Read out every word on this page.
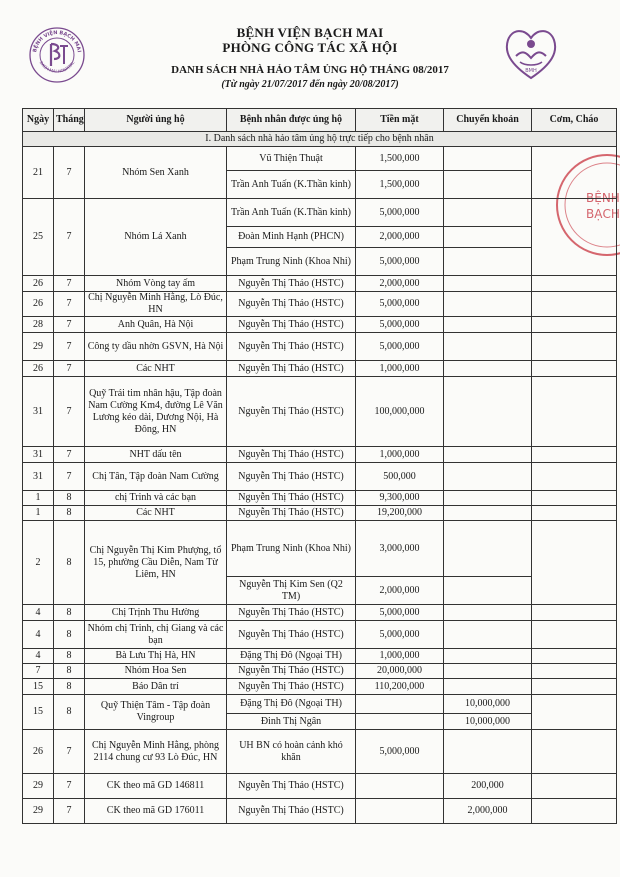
BỆNH VIỆN BẠCH MAI
BACH MAI HOSPITAL
BMH
BỆNH
BẠCH
BỆNH VIỆN BẠCH MAI
PHÒNG CÔNG TÁC XÃ HỘI
DANH SÁCH NHÀ HẢO TÂM ỦNG HỘ THÁNG 08/2017
(Từ ngày 21/07/2017 đến ngày 20/08/2017)
Ngày	Tháng	Người ủng hộ	Bệnh nhân được ủng hộ	Tiền mặt	Chuyển khoản	Cơm, Cháo
I. Danh sách nhà hảo tâm ủng hộ trực tiếp cho bệnh nhân						
21	7	Nhóm Sen Xanh	Vũ Thiện Thuật	1,500,000		
			Trần Anh Tuấn (K.Thần kinh)	1,500,000		
25	7	Nhóm Lá Xanh	Trần Anh Tuấn (K.Thần kinh)	5,000,000		
			Đoàn Minh Hạnh (PHCN)	2,000,000		
			Phạm Trung Ninh (Khoa Nhi)	5,000,000		
26	7	Nhóm Vòng tay ấm	Nguyễn Thị Thảo (HSTC)	2,000,000		
26	7	Chị Nguyễn Minh Hằng, Lò Đúc, HN	Nguyễn Thị Thảo (HSTC)	5,000,000		
28	7	Anh Quân, Hà Nội	Nguyễn Thị Thảo (HSTC)	5,000,000		
29	7	Công ty dầu nhờn GSVN, Hà Nội	Nguyễn Thị Thảo (HSTC)	5,000,000		
26	7	Các NHT	Nguyễn Thị Thảo (HSTC)	1,000,000		
31	7	Quỹ Trái tim nhân hậu, Tập đoàn Nam Cường Km4, đường Lê Văn Lương kéo dài, Dương Nội, Hà Đông, HN	Nguyễn Thị Thảo (HSTC)	100,000,000		
31	7	NHT dấu tên	Nguyễn Thị Thảo (HSTC)	1,000,000		
31	7	Chị Tân, Tập đoàn Nam Cường	Nguyễn Thị Thảo (HSTC)	500,000		
1	8	chị Trinh và các bạn	Nguyễn Thị Thảo (HSTC)	9,300,000		
1	8	Các NHT	Nguyễn Thị Thảo (HSTC)	19,200,000		
2	8	Chị Nguyễn Thị Kim Phượng, tổ 15, phường Cầu Diễn, Nam Từ Liêm, HN	Phạm Trung Ninh (Khoa Nhi)	3,000,000		
			Nguyễn Thị Kim Sen (Q2 TM)	2,000,000		
4	8	Chị Trịnh Thu Hường	Nguyễn Thị Thảo (HSTC)	5,000,000		
4	8	Nhóm chị Trinh, chị Giang và các bạn	Nguyễn Thị Thảo (HSTC)	5,000,000		
4	8	Bà Lưu Thị Hà, HN	Đặng Thị Đô (Ngoại TH)	1,000,000		
7	8	Nhóm Hoa Sen	Nguyễn Thị Thảo (HSTC)	20,000,000		
15	8	Báo Dân trí	Nguyễn Thị Thảo (HSTC)	110,200,000		
15	8	Quỹ Thiện Tâm - Tập đoàn Vingroup	Đặng Thị Đô (Ngoại TH)		10,000,000	
			Đinh Thị Ngân		10,000,000	
26	7	Chị Nguyễn Minh Hằng, phòng 2114 chung cư 93 Lò Đúc, HN	UH BN có hoàn cảnh khó khăn	5,000,000		
29	7	CK theo mã GD 146811	Nguyễn Thị Thảo (HSTC)		200,000	
29	7	CK theo mã GD 176011	Nguyễn Thị Thảo (HSTC)		2,000,000	
